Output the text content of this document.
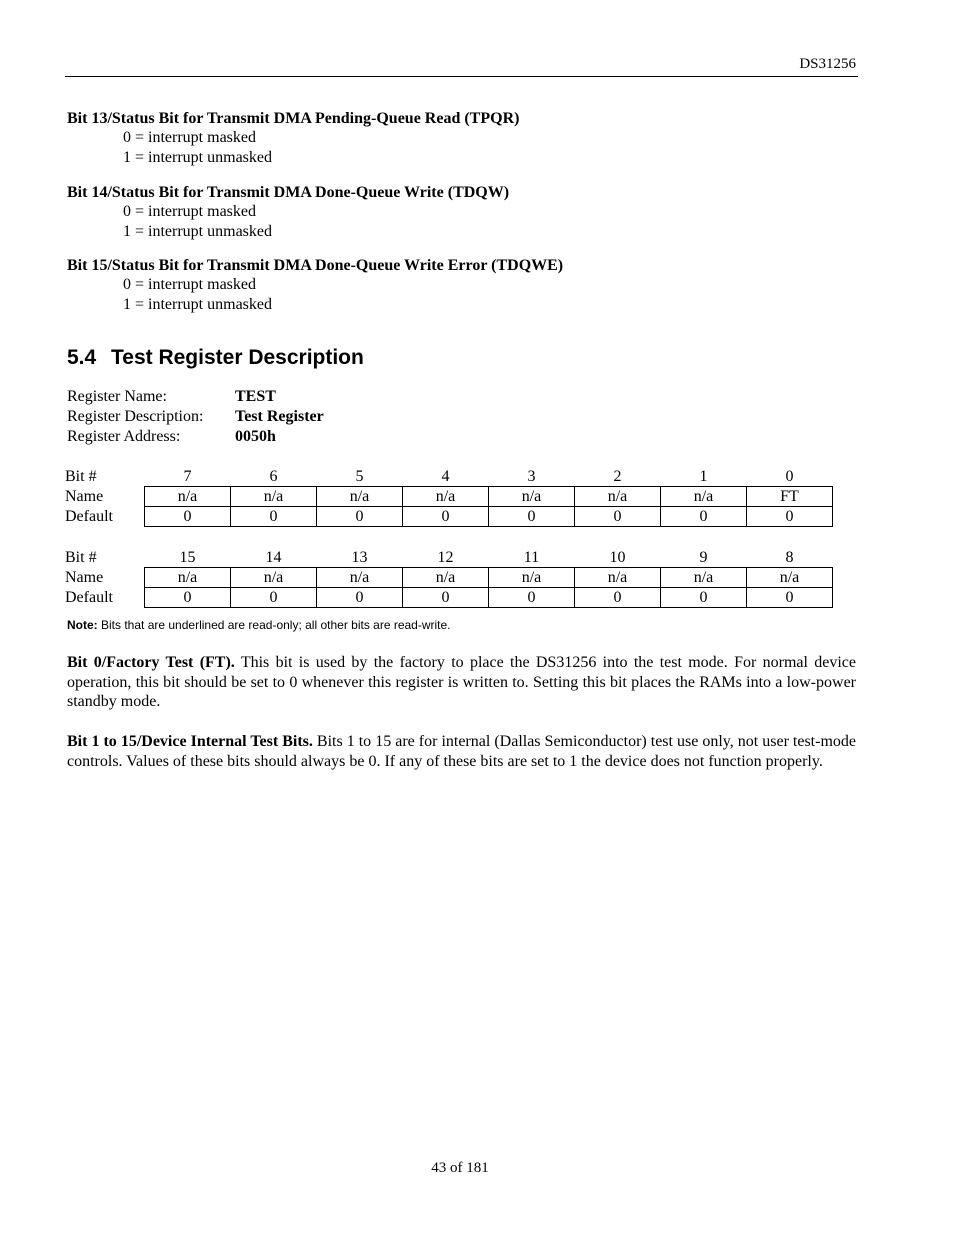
DS31256
Bit 13/Status Bit for Transmit DMA Pending-Queue Read (TPQR)
0 = interrupt masked
1 = interrupt unmasked
Bit 14/Status Bit for Transmit DMA Done-Queue Write (TDQW)
0 = interrupt masked
1 = interrupt unmasked
Bit 15/Status Bit for Transmit DMA Done-Queue Write Error (TDQWE)
0 = interrupt masked
1 = interrupt unmasked
5.4 Test Register Description
Register Name:	TEST
Register Description: Test Register
Register Address:	0050h
Bit #	7	6	5	4	3	2	1	0
Name	n/a	n/a	n/a	n/a	n/a	n/a	n/a	FT
Default	0	0	0	0	0	0	0	0
Bit #	15	14	13	12	11	10	9	8
Name	n/a	n/a	n/a	n/a	n/a	n/a	n/a	n/a
Default	0	0	0	0	0	0	0	0
Note: Bits that are underlined are read-only; all other bits are read-write.
Bit 0/Factory Test (FT). This bit is used by the factory to place the DS31256 into the test mode. For normal device operation, this bit should be set to 0 whenever this register is written to. Setting this bit places the RAMs into a low-power standby mode.
Bit 1 to 15/Device Internal Test Bits. Bits 1 to 15 are for internal (Dallas Semiconductor) test use only, not user test-mode controls. Values of these bits should always be 0. If any of these bits are set to 1 the device does not function properly.
43 of 181
